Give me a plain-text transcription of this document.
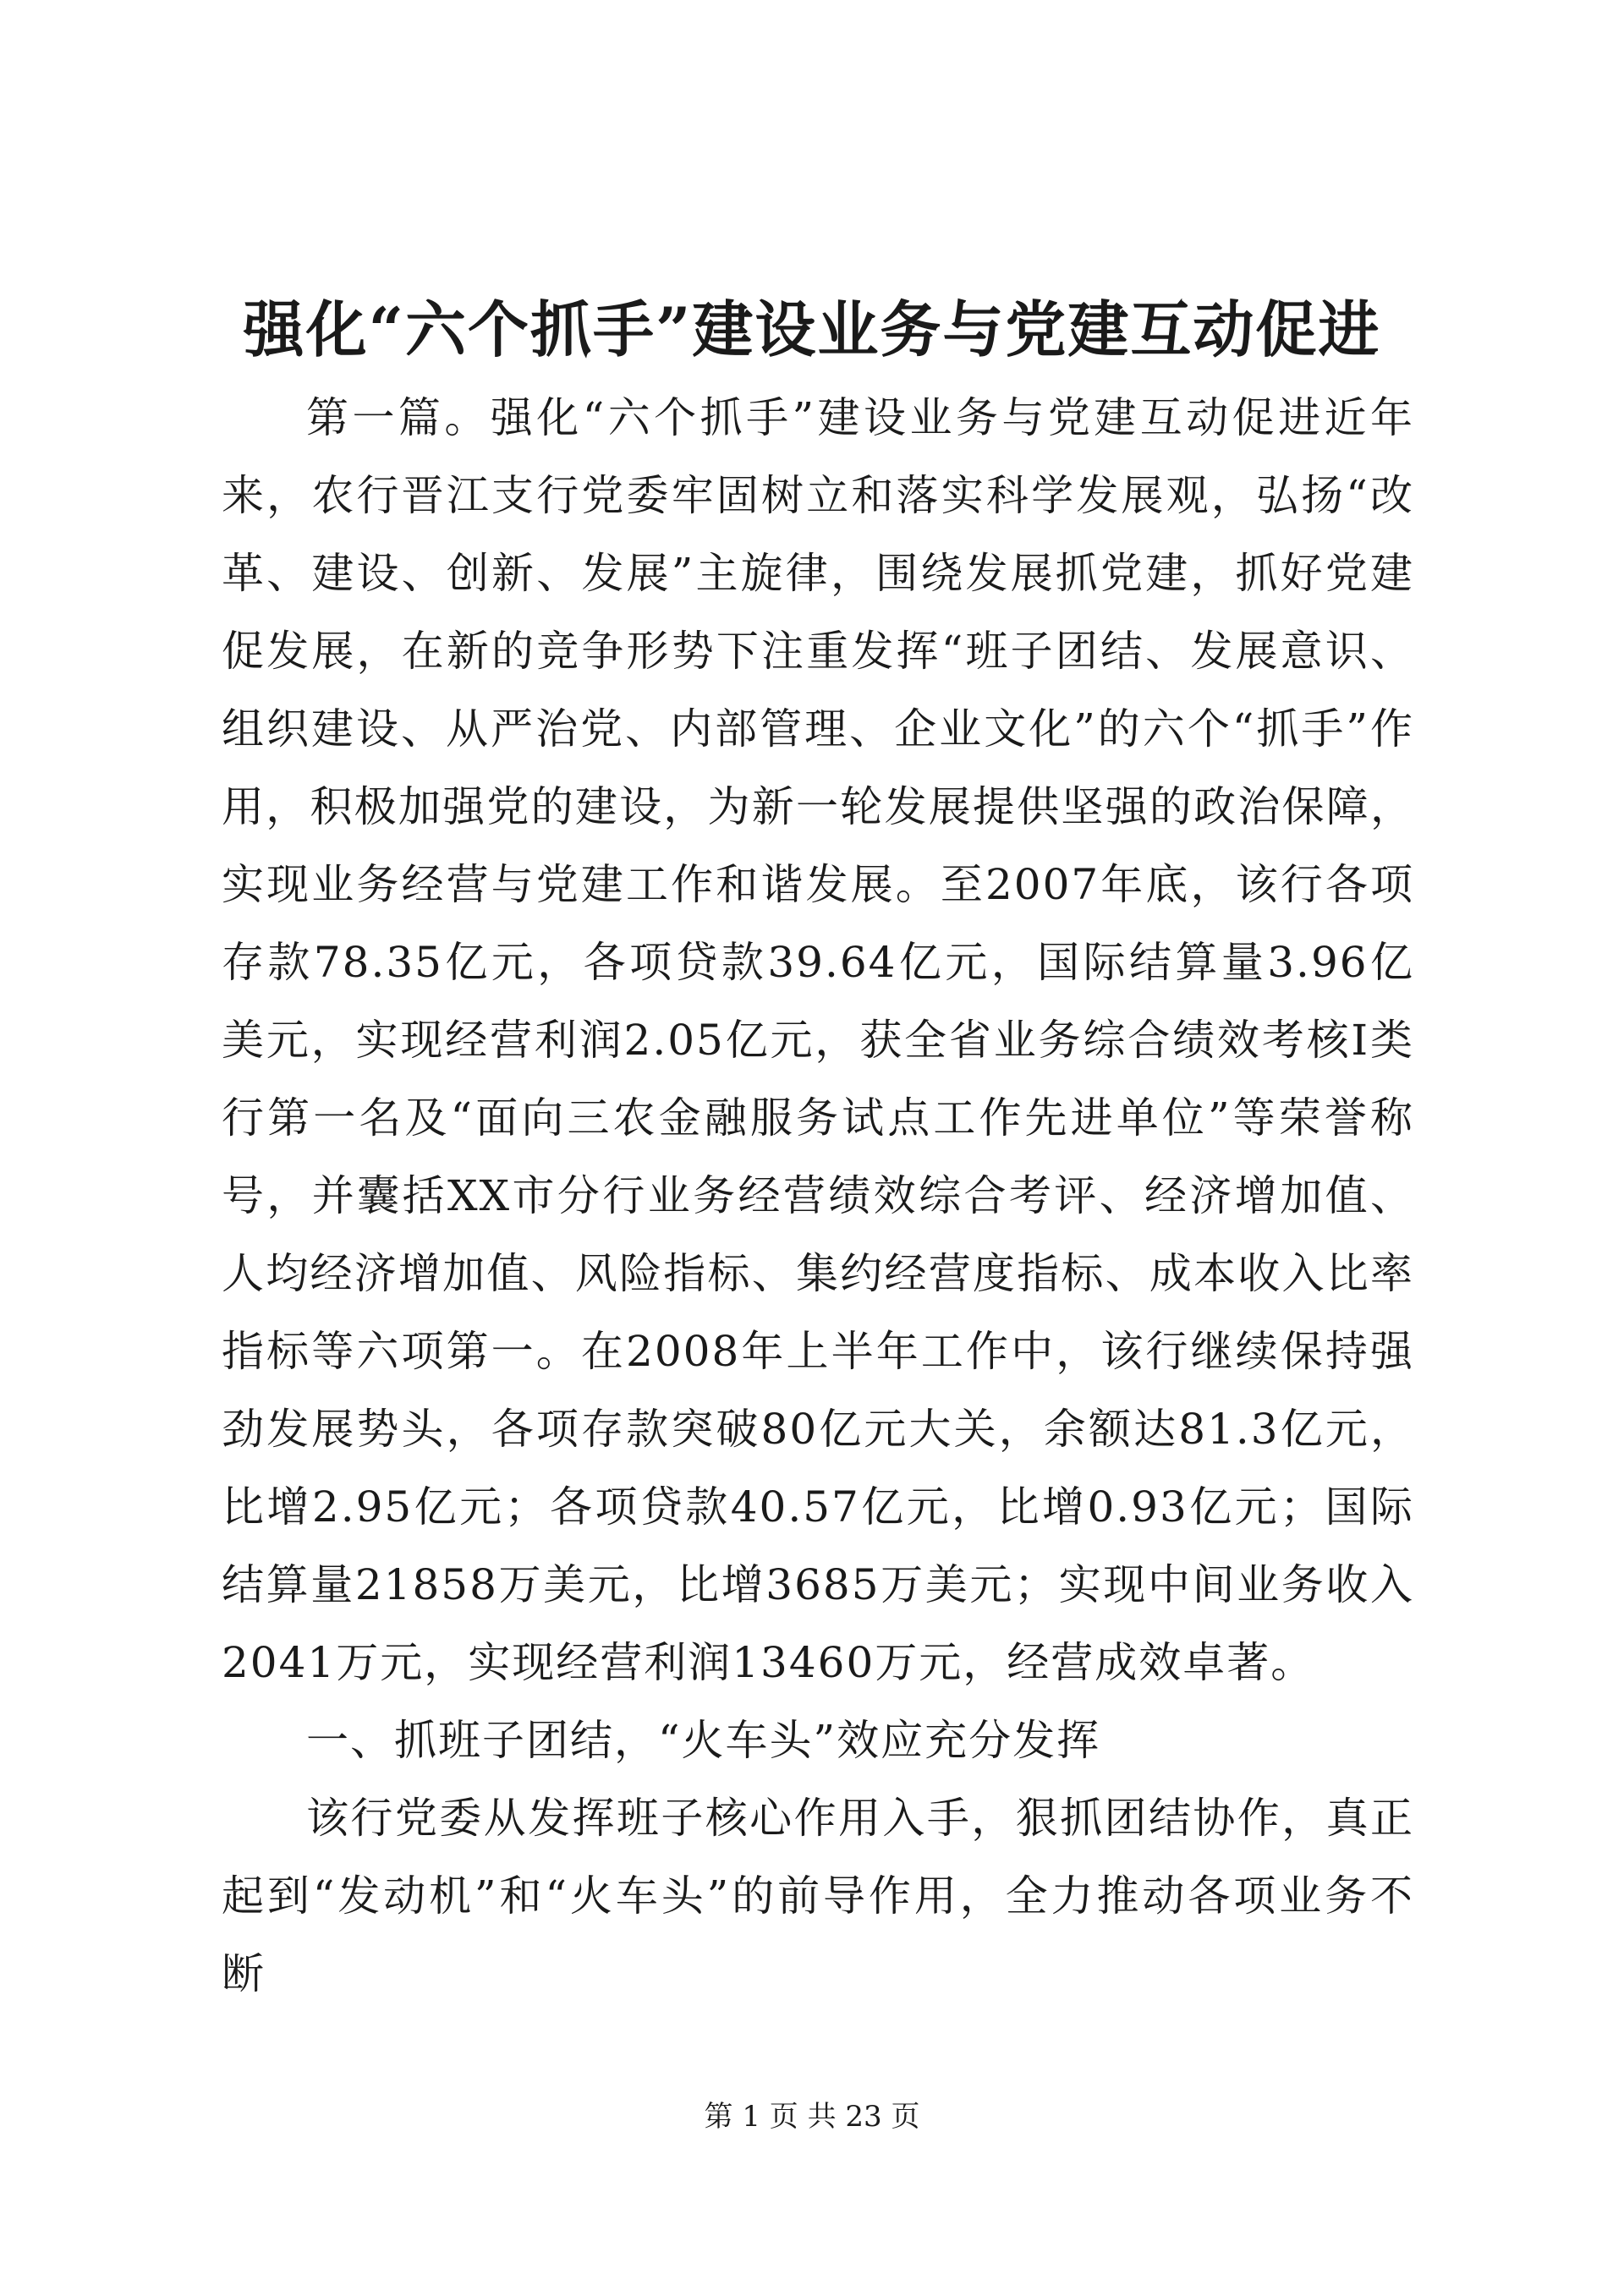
强化“六个抓手”建设业务与党建互动促进

第一篇。强化“六个抓手”建设业务与党建互动促进近年来，农行晋江支行党委牢固树立和落实科学发展观，弘扬“改革、建设、创新、发展”主旋律，围绕发展抓党建，抓好党建促发展，在新的竞争形势下注重发挥“班子团结、发展意识、组织建设、从严治党、内部管理、企业文化”的六个“抓手”作用，积极加强党的建设，为新一轮发展提供坚强的政治保障，实现业务经营与党建工作和谐发展。至2007年底，该行各项存款78.35亿元，各项贷款39.64亿元，国际结算量3.96亿美元，实现经营利润2.05亿元，获全省业务综合绩效考核Ⅰ类行第一名及“面向三农金融服务试点工作先进单位”等荣誉称号，并囊括XX市分行业务经营绩效综合考评、经济增加值、人均经济增加值、风险指标、集约经营度指标、成本收入比率指标等六项第一。在2008年上半年工作中，该行继续保持强劲发展势头，各项存款突破80亿元大关，余额达81.3亿元，比增2.95亿元；各项贷款40.57亿元，比增0.93亿元；国际结算量21858万美元，比增3685万美元；实现中间业务收入2041万元，实现经营利润13460万元，经营成效卓著。

一、抓班子团结，“火车头”效应充分发挥

该行党委从发挥班子核心作用入手，狠抓团结协作，真正起到“发动机”和“火车头”的前导作用，全力推动各项业务不断

第 1 页 共 23 页
